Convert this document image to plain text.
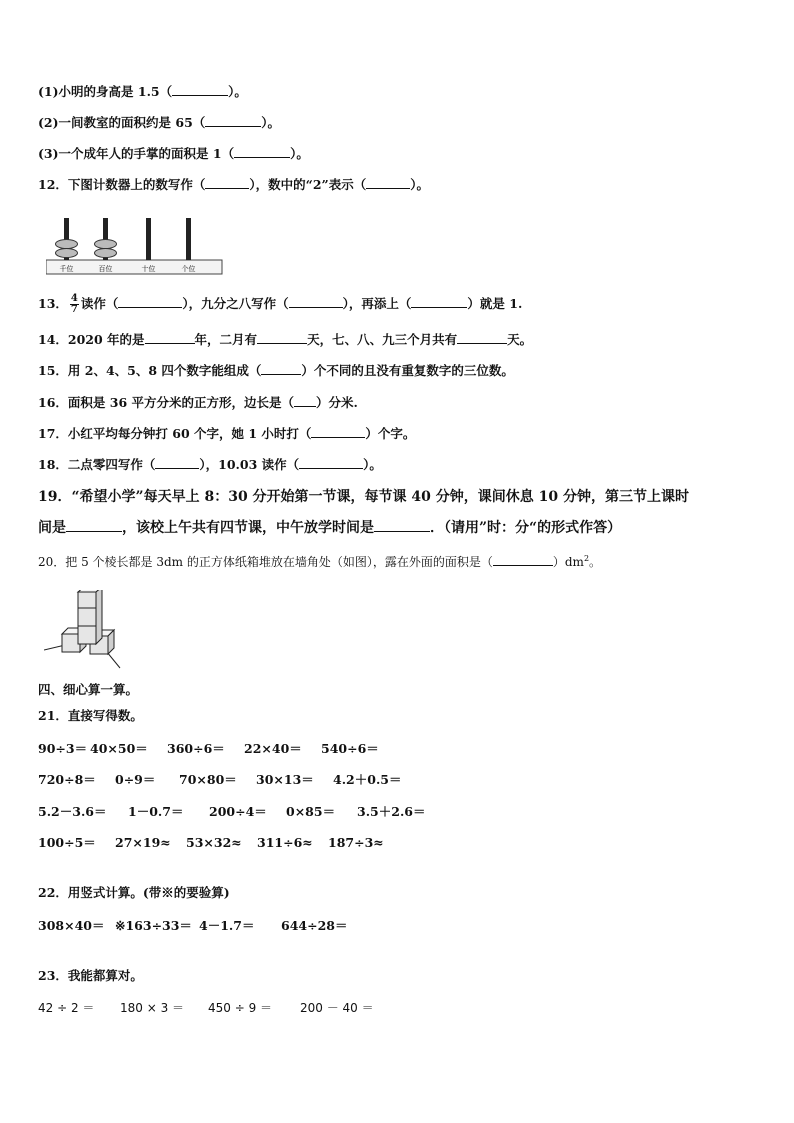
(1)小明的身高是 1.5（	）。
(2)一间教室的面积约是 65（	）。
(3)一个成年人的手掌的面积是 1（	）。
12．下图计数器上的数写作（	），数中的“2”表示（	）。
千位	百位	十位	个位
13． $\frac{4}{7}$ 读作（	），九分之八写作（	），再添上（	）就是 1.
14．2020 年的是	年，二月有	天，七、八、九三个月共有	天。
15．用 2、4、5、8 四个数字能组成（	）个不同的且没有重复数字的三位数。
16．面积是 36 平方分米的正方形，边长是（ ）分米.
17．小红平均每分钟打 60 个字，她 1 小时打（	）个字。
18．二点零四写作（	），10.03 读作（	）。
19．“希望小学”每天早上 8：30 分开始第一节课，每节课 40 分钟，课间休息 10 分钟，第三节上课时
间是	，该校上午共有四节课，中午放学时间是	．（请用”时：分“的形式作答）
20．把 5 个棱长都是 3dm 的正方体纸箱堆放在墙角处（如图），露在外面的面积是（	）$dm^2$。
四、细心算一算。
21．直接写得数。
90÷3＝ 40×50＝ 360÷6＝ 22×40＝ 540÷6＝
720÷8＝ 0÷9＝ 70×80＝ 30×13＝ 4.2＋0.5＝
5.2－3.6＝ 1－0.7＝ 200÷4＝ 0×85＝ 3.5＋2.6＝
100÷5＝ 27×19≈ 53×32≈ 311÷6≈ 187÷3≈
22．用竖式计算。(带※的要验算)
308×40＝ ※163÷33＝ 4－1.7＝ 644÷28＝
23．我能都算对。
42 ÷ 2 ＝ 180 × 3 ＝ 450 ÷ 9 ＝ 200 － 40 ＝
